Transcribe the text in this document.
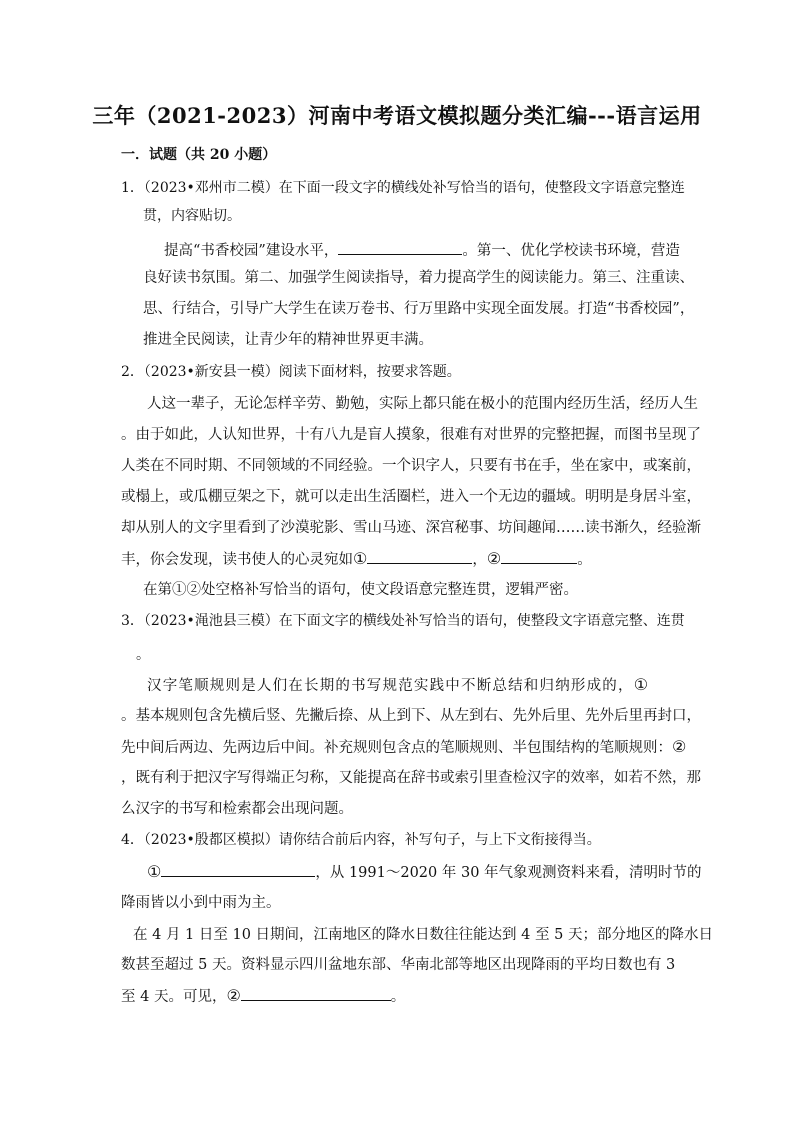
三年（2021-2023）河南中考语文模拟题分类汇编---语言运用
一．试题（共 20 小题）
1．（2023•邓州市二模）在下面一段文字的横线处补写恰当的语句，使整段文字语意完整连
贯，内容贴切。
提高“书香校园”建设水平，	。第一、优化学校读书环境，营造
良好读书氛围。第二、加强学生阅读指导，着力提高学生的阅读能力。第三、注重读、
思、行结合，引导广大学生在读万卷书、行万里路中实现全面发展。打造“书香校园”，
推进全民阅读，让青少年的精神世界更丰满。
2．（2023•新安县一模）阅读下面材料，按要求答题。
人这一辈子，无论怎样辛劳、勤勉，实际上都只能在极小的范围内经历生活，经历人生
。由于如此，人认知世界，十有八九是盲人摸象，很难有对世界的完整把握，而图书呈现了
人类在不同时期、不同领域的不同经验。一个识字人，只要有书在手，坐在家中，或案前，
或榻上，或瓜棚豆架之下，就可以走出生活圈栏，进入一个无边的疆域。明明是身居斗室，
却从别人的文字里看到了沙漠驼影、雪山马迹、深宫秘事、坊间趣闻……读书渐久，经验渐
丰，你会发现，读书使人的心灵宛如①	，②	。
在第①②处空格补写恰当的语句，使文段语意完整连贯，逻辑严密。
3．（2023•渑池县三模）在下面文字的横线处补写恰当的语句，使整段文字语意完整、连贯
。
汉字笔顺规则是人们在长期的书写规范实践中不断总结和归纳形成的，①
。基本规则包含先横后竖、先撇后捺、从上到下、从左到右、先外后里、先外后里再封口，
先中间后两边、先两边后中间。补充规则包含点的笔顺规则、半包围结构的笔顺规则：②
，既有利于把汉字写得端正匀称，又能提高在辞书或索引里查检汉字的效率，如若不然，那
么汉字的书写和检索都会出现问题。
4．（2023•殷都区模拟）请你结合前后内容，补写句子，与上下文衔接得当。
①	，从 1991～2020 年 30 年气象观测资料来看，清明时节的
降雨皆以小到中雨为主。
在 4 月 1 日至 10 日期间，江南地区的降水日数往往能达到 4 至 5 天；部分地区的降水日
数甚至超过 5 天。资料显示四川盆地东部、华南北部等地区出现降雨的平均日数也有 3
至 4 天。可见，②	。
